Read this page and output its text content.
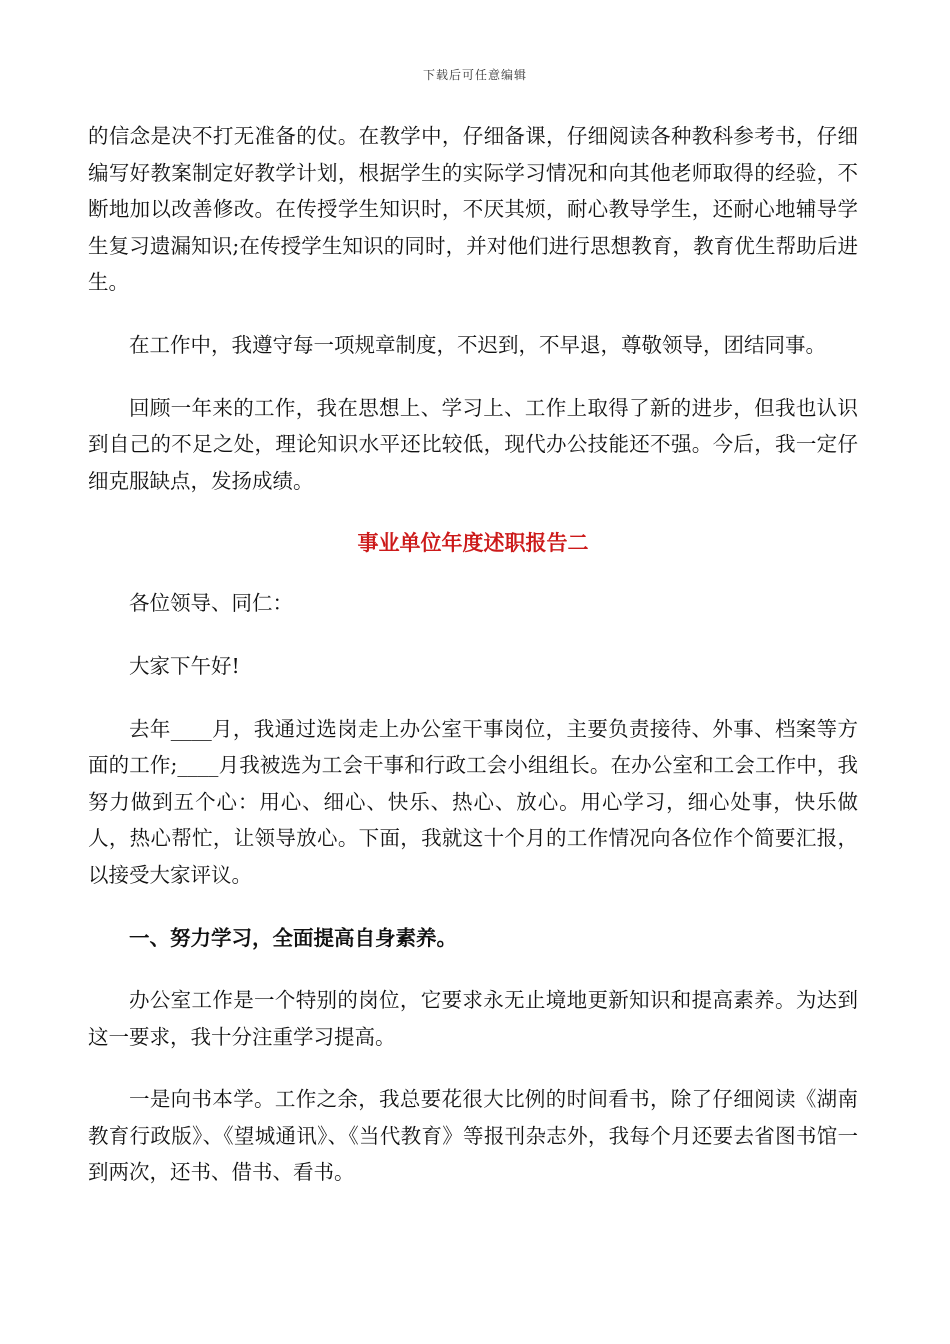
下载后可任意编辑

的信念是决不打无准备的仗。在教学中，仔细备课，仔细阅读各种教科参考书，仔细编写好教案制定好教学计划，根据学生的实际学习情况和向其他老师取得的经验，不断地加以改善修改。在传授学生知识时，不厌其烦，耐心教导学生，还耐心地辅导学生复习遗漏知识;在传授学生知识的同时，并对他们进行思想教育，教育优生帮助后进生。

在工作中，我遵守每一项规章制度，不迟到，不早退，尊敬领导，团结同事。

回顾一年来的工作，我在思想上、学习上、工作上取得了新的进步，但我也认识到自己的不足之处，理论知识水平还比较低，现代办公技能还不强。今后，我一定仔细克服缺点，发扬成绩。

事业单位年度述职报告二

各位领导、同仁：

大家下午好!

去年____月，我通过选岗走上办公室干事岗位，主要负责接待、外事、档案等方面的工作;____月我被选为工会干事和行政工会小组组长。在办公室和工会工作中，我努力做到五个心：用心、细心、快乐、热心、放心。用心学习，细心处事，快乐做人，热心帮忙，让领导放心。下面，我就这十个月的工作情况向各位作个简要汇报，以接受大家评议。

一、努力学习，全面提高自身素养。

办公室工作是一个特别的岗位，它要求永无止境地更新知识和提高素养。为达到这一要求，我十分注重学习提高。

一是向书本学。工作之余，我总要花很大比例的时间看书，除了仔细阅读《湖南教育行政版》、《望城通讯》、《当代教育》等报刊杂志外，我每个月还要去省图书馆一到两次，还书、借书、看书。
